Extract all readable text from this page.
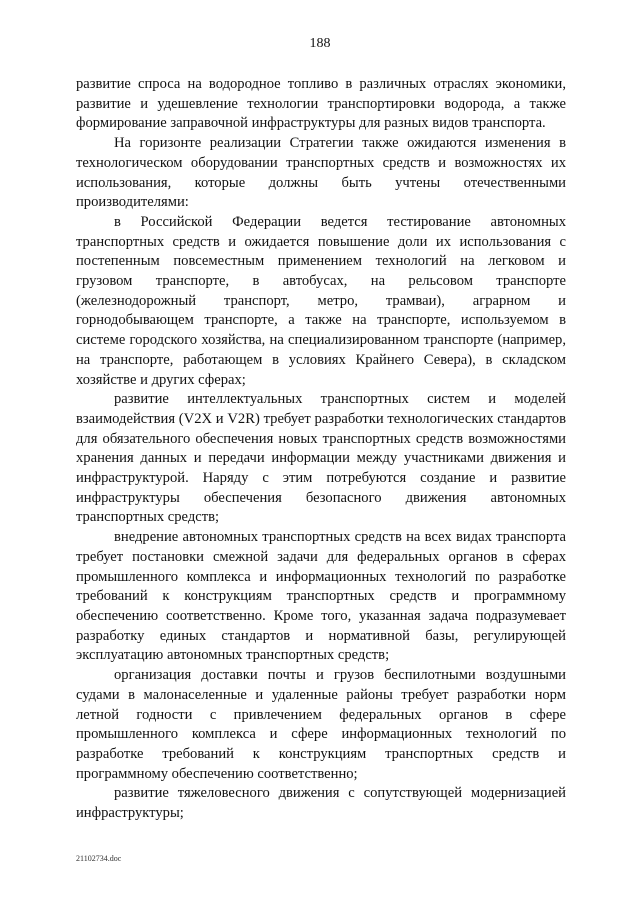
188

развитие спроса на водородное топливо в различных отраслях экономики, развитие и удешевление технологии транспортировки водорода, а также формирование заправочной инфраструктуры для разных видов транспорта.

На горизонте реализации Стратегии также ожидаются изменения в технологическом оборудовании транспортных средств и возможностях их использования, которые должны быть учтены отечественными производителями:

в Российской Федерации ведется тестирование автономных транспортных средств и ожидается повышение доли их использования с постепенным повсеместным применением технологий на легковом и грузовом транспорте, в автобусах, на рельсовом транспорте (железнодорожный транспорт, метро, трамваи), аграрном и горнодобывающем транспорте, а также на транспорте, используемом в системе городского хозяйства, на специализированном транспорте (например, на транспорте, работающем в условиях Крайнего Севера), в складском хозяйстве и других сферах;

развитие интеллектуальных транспортных систем и моделей взаимодействия (V2X и V2R) требует разработки технологических стандартов для обязательного обеспечения новых транспортных средств возможностями хранения данных и передачи информации между участниками движения и инфраструктурой. Наряду с этим потребуются создание и развитие инфраструктуры обеспечения безопасного движения автономных транспортных средств;

внедрение автономных транспортных средств на всех видах транспорта требует постановки смежной задачи для федеральных органов в сферах промышленного комплекса и информационных технологий по разработке требований к конструкциям транспортных средств и программному обеспечению соответственно. Кроме того, указанная задача подразумевает разработку единых стандартов и нормативной базы, регулирующей эксплуатацию автономных транспортных средств;

организация доставки почты и грузов беспилотными воздушными судами в малонаселенные и удаленные районы требует разработки норм летной годности с привлечением федеральных органов в сфере промышленного комплекса и сфере информационных технологий по разработке требований к конструкциям транспортных средств и программному обеспечению соответственно;

развитие тяжеловесного движения с сопутствующей модернизацией инфраструктуры;

21102734.doc
